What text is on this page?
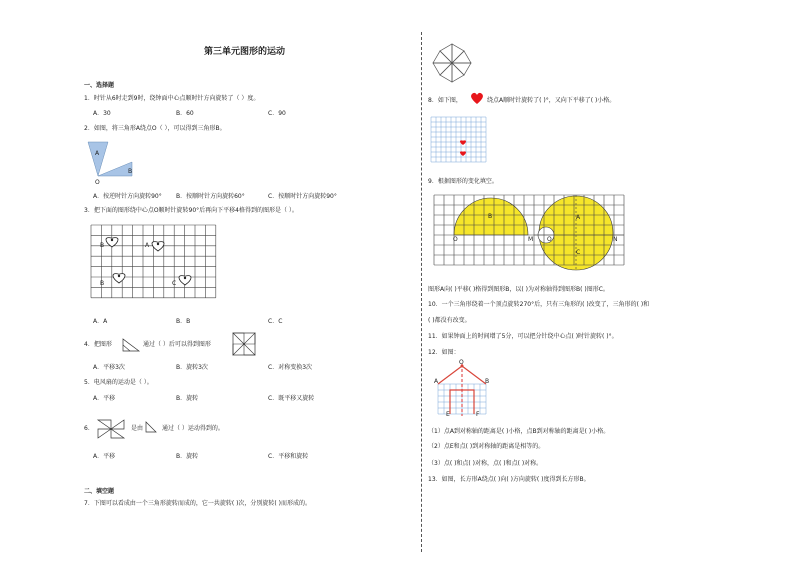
第三单元图形的运动
一、选择题
1．时针从6时走到9时，绕钟面中心点顺时针方向旋转了（ ）度。
A．30	B．60	C．90
2．如图，将三角形A绕点O（ ），可以得到三角形B。
A
B
O
A．按逆时针方向旋转90° B．按顺时针方向旋转60°	C．按顺时针方向旋转90°
3．把下面的图形绕中心点O顺时针旋转90°后再向下平移4格得到的图形是（ ）。
B	A
B	C
A．A	B．B	C．C
4．把图形	通过（ ）后可以得到图形
A．平移3次	B．旋转3次	C．对称变换3次
5．电风扇的运动是（ ）。
A．平移	B．旋转	C．既平移又旋转
6．	是由	通过（ ）运动得到的。
A．平移	B．旋转	C．平移和旋转
二、填空题
7．下图可以看成由一个三角形旋转而成的，它一共旋转( )次，分别旋转( )而形成的。
8．如下图，	绕点A顺时针旋转了( )°，又向下平移了( )小格。
9．根据图形的变化填空。
B
O	M O	N
A
C
图形A向( )平移( )格得到图形B，以( )为对称轴得到图形B( )图形C。
10．一个三角形绕着一个顶点旋转270°后，只有三角形的( )改变了，三角形的( )和
( )都没有改变。
11．如果钟面上的时间增了5分，可以把分针绕中心点( )时针旋转( )°。
12．如图：
O
A	B
E	F
（1）点A到对称轴的距离是( )小格，点B到对称轴的距离是( )小格。
（2）点E和点( )到对称轴的距离是相等的。
（3）点( )和点( )对称，点( )和点( )对称。
13．如图，长方形A绕点( )向( )方向旋转( )度得到长方形B。
